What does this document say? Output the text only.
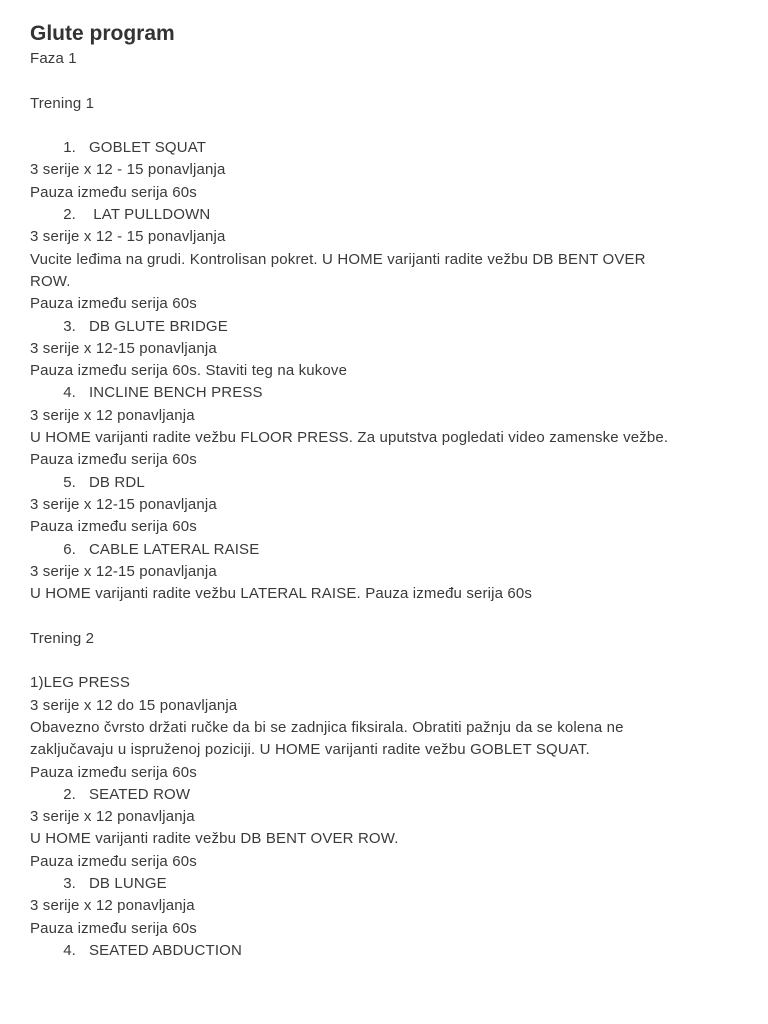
Glute program
Faza 1
Trening 1
1.
GOBLET SQUAT
3 serije x 12 - 15 ponavljanja
Pauza između serija 60s
2.
LAT PULLDOWN
3 serije x 12 - 15 ponavljanja
Vucite leđima na grudi. Kontrolisan pokret. U HOME varijanti radite vežbu DB BENT OVER
ROW.
Pauza između serija 60s
3.
DB GLUTE BRIDGE
3 serije x 12-15 ponavljanja
Pauza između serija 60s. Staviti teg na kukove
4.
INCLINE BENCH PRESS
3 serije x 12 ponavljanja
U HOME varijanti radite vežbu FLOOR PRESS. Za uputstva pogledati video zamenske vežbe.
Pauza između serija 60s
5.
DB RDL
3 serije x 12-15 ponavljanja
Pauza između serija 60s
6.
CABLE LATERAL RAISE
3 serije x 12-15 ponavljanja
U HOME varijanti radite vežbu LATERAL RAISE. Pauza između serija 60s
Trening 2
1)LEG PRESS
3 serije x 12 do 15 ponavljanja
Obavezno čvrsto držati ručke da bi se zadnjica fiksirala. Obratiti pažnju da se kolena ne
zaključavaju u ispruženoj poziciji. U HOME varijanti radite vežbu GOBLET SQUAT.
Pauza između serija 60s
2.
SEATED ROW
3 serije x 12 ponavljanja
U HOME varijanti radite vežbu DB BENT OVER ROW.
Pauza između serija 60s
3.
DB LUNGE
3 serije x 12 ponavljanja
Pauza između serija 60s
4.
SEATED ABDUCTION
